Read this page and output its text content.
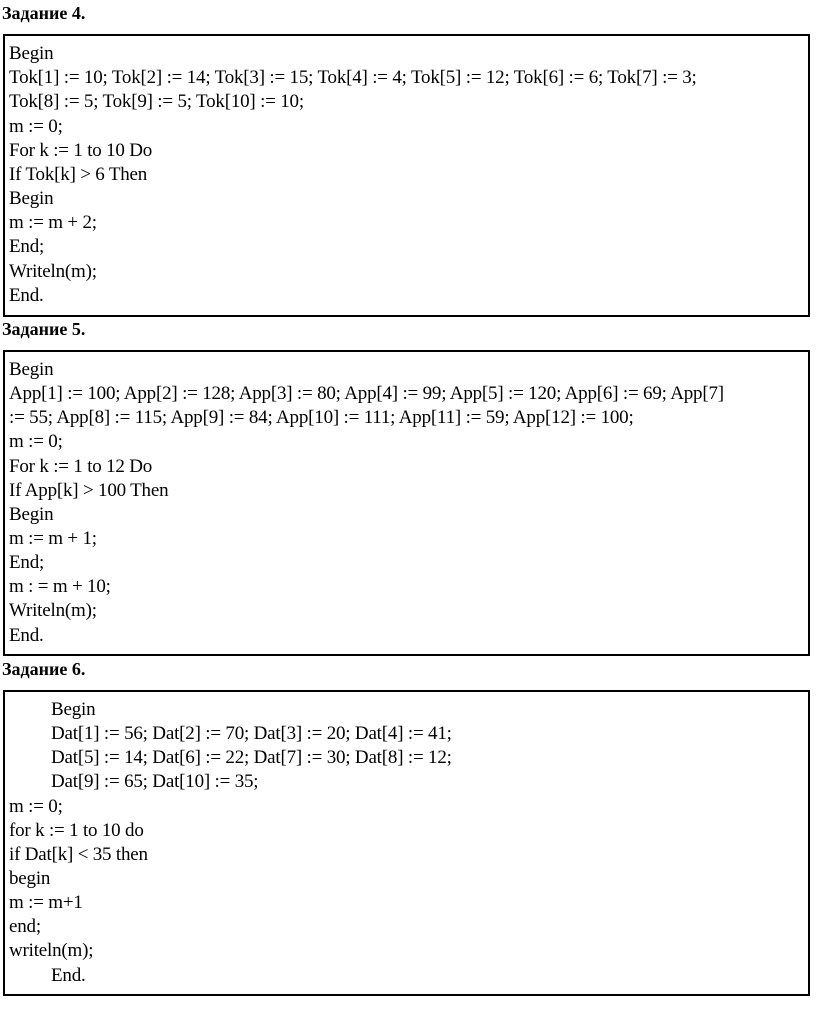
Задание 4.
Begin
Tok[1] := 10; Tok[2] := 14; Tok[3] := 15; Tok[4] := 4; Tok[5] := 12; Tok[6] := 6; Tok[7] := 3;
Tok[8] := 5; Tok[9] := 5; Tok[10] := 10;
m := 0;
For k := 1 to 10 Do
If Tok[k] > 6 Then
Begin
m := m + 2;
End;
Writeln(m);
End.
Задание 5.
Begin
App[1] := 100; App[2] := 128; App[3] := 80; App[4] := 99; App[5] := 120; App[6] := 69; App[7]
:= 55; App[8] := 115; App[9] := 84; App[10] := 111; App[11] := 59; App[12] := 100;
m := 0;
For k := 1 to 12 Do
If App[k] > 100 Then
Begin
m := m + 1;
End;
m : = m + 10;
Writeln(m);
End.
Задание 6.
Begin
Dat[1] := 56; Dat[2] := 70; Dat[3] := 20; Dat[4] := 41;
Dat[5] := 14; Dat[6] := 22; Dat[7] := 30; Dat[8] := 12;
Dat[9] := 65; Dat[10] := 35;
m := 0;
for k := 1 to 10 do
if Dat[k] < 35 then
begin
m := m+1
end;
writeln(m);
End.
